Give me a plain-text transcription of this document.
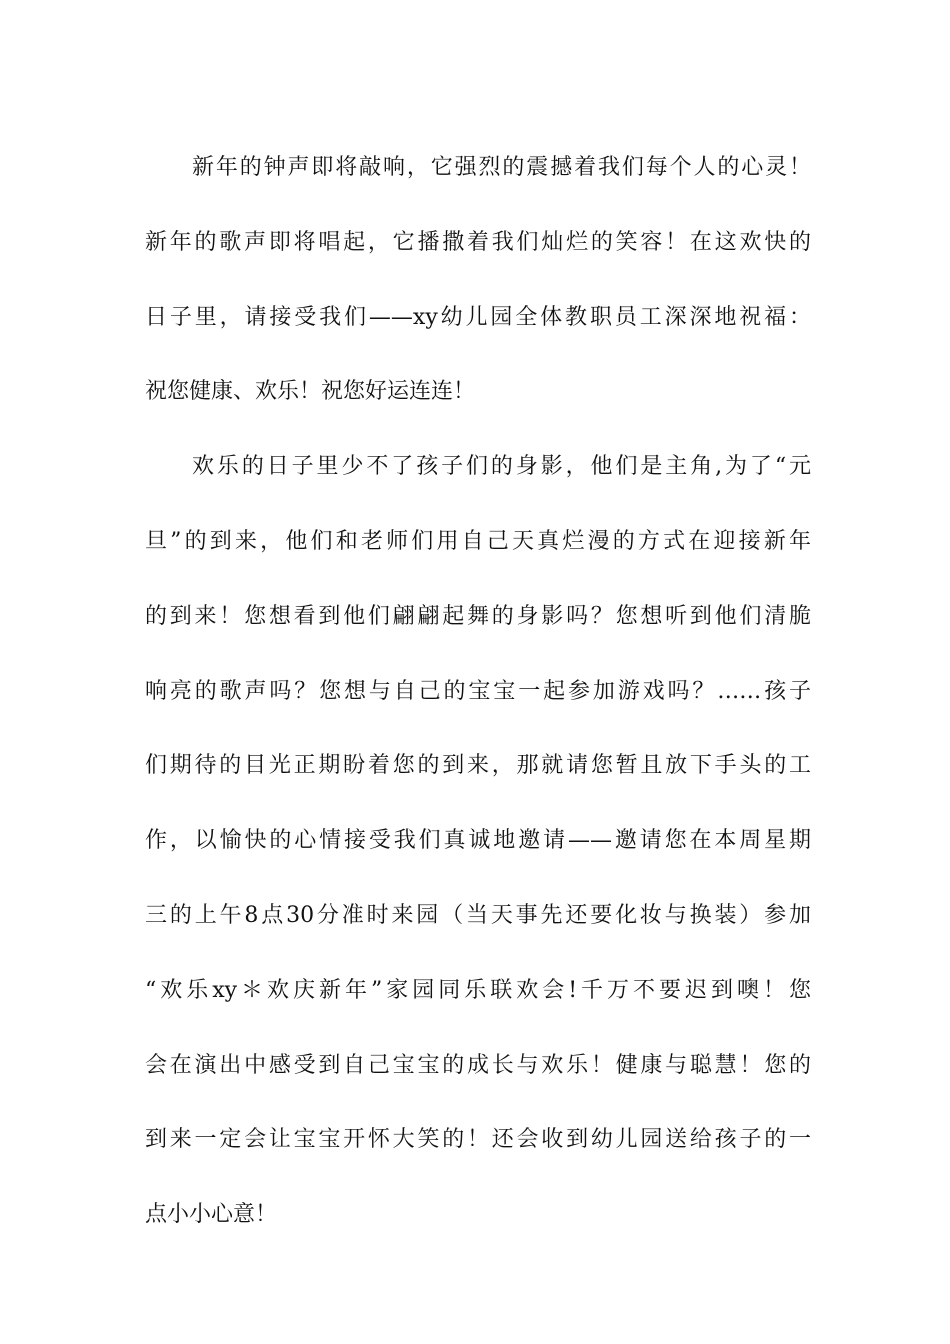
新年的钟声即将敲响，它强烈的震撼着我们每个人的心灵！
新年的歌声即将唱起，它播撒着我们灿烂的笑容！在这欢快的
日子里，请接受我们——xy幼儿园全体教职员工深深地祝福：
祝您健康、欢乐！祝您好运连连！
欢乐的日子里少不了孩子们的身影，他们是主角,为了“元
旦”的到来，他们和老师们用自己天真烂漫的方式在迎接新年
的到来！您想看到他们翩翩起舞的身影吗？您想听到他们清脆
响亮的歌声吗？您想与自己的宝宝一起参加游戏吗？……孩子
们期待的目光正期盼着您的到来，那就请您暂且放下手头的工
作，以愉快的心情接受我们真诚地邀请——邀请您在本周星期
三的上午8点30分准时来园（当天事先还要化妆与换装）参加
“欢乐xy＊欢庆新年”家园同乐联欢会!千万不要迟到噢！您
会在演出中感受到自己宝宝的成长与欢乐！健康与聪慧！您的
到来一定会让宝宝开怀大笑的！还会收到幼儿园送给孩子的一
点小小心意！
